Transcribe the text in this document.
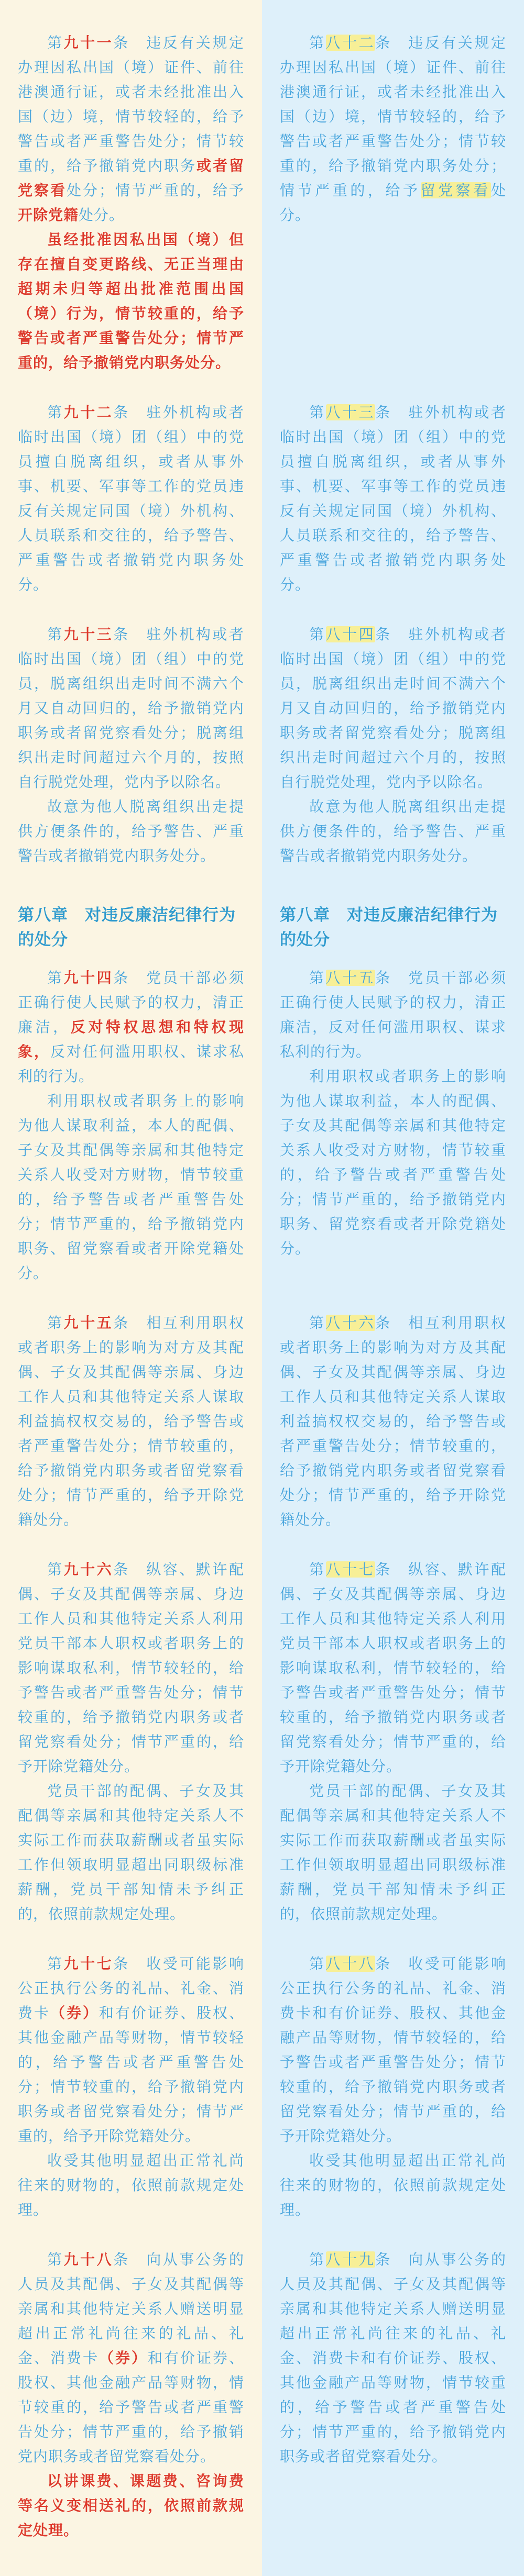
第九十一条　违反有关规定办理因私出国（境）证件、前往港澳通行证，或者未经批准出入国（边）境，情节较轻的，给予警告或者严重警告处分；情节较重的，给予撤销党内职务或者留党察看处分；情节严重的，给予开除党籍处分。

虽经批准因私出国（境）但存在擅自变更路线、无正当理由超期未归等超出批准范围出国（境）行为，情节较重的，给予警告或者严重警告处分；情节严重的，给予撤销党内职务处分。

第八十二条　违反有关规定办理因私出国（境）证件、前往港澳通行证，或者未经批准出入国（边）境，情节较轻的，给予警告或者严重警告处分；情节较重的，给予撤销党内职务处分；情节严重的，给予留党察看处分。

第九十二条　驻外机构或者临时出国（境）团（组）中的党员擅自脱离组织，或者从事外事、机要、军事等工作的党员违反有关规定同国（境）外机构、人员联系和交往的，给予警告、严重警告或者撤销党内职务处分。

第八十三条　驻外机构或者临时出国（境）团（组）中的党员擅自脱离组织，或者从事外事、机要、军事等工作的党员违反有关规定同国（境）外机构、人员联系和交往的，给予警告、严重警告或者撤销党内职务处分。

第九十三条　驻外机构或者临时出国（境）团（组）中的党员，脱离组织出走时间不满六个月又自动回归的，给予撤销党内职务或者留党察看处分；脱离组织出走时间超过六个月的，按照自行脱党处理，党内予以除名。

故意为他人脱离组织出走提供方便条件的，给予警告、严重警告或者撤销党内职务处分。

第八十四条　驻外机构或者临时出国（境）团（组）中的党员，脱离组织出走时间不满六个月又自动回归的，给予撤销党内职务或者留党察看处分；脱离组织出走时间超过六个月的，按照自行脱党处理，党内予以除名。

故意为他人脱离组织出走提供方便条件的，给予警告、严重警告或者撤销党内职务处分。

第八章　对违反廉洁纪律行为的处分

第八章　对违反廉洁纪律行为的处分

第九十四条　党员干部必须正确行使人民赋予的权力，清正廉洁，反对特权思想和特权现象，反对任何滥用职权、谋求私利的行为。

利用职权或者职务上的影响为他人谋取利益，本人的配偶、子女及其配偶等亲属和其他特定关系人收受对方财物，情节较重的，给予警告或者严重警告处分；情节严重的，给予撤销党内职务、留党察看或者开除党籍处分。

第八十五条　党员干部必须正确行使人民赋予的权力，清正廉洁，反对任何滥用职权、谋求私利的行为。

利用职权或者职务上的影响为他人谋取利益，本人的配偶、子女及其配偶等亲属和其他特定关系人收受对方财物，情节较重的，给予警告或者严重警告处分；情节严重的，给予撤销党内职务、留党察看或者开除党籍处分。

第九十五条　相互利用职权或者职务上的影响为对方及其配偶、子女及其配偶等亲属、身边工作人员和其他特定关系人谋取利益搞权权交易的，给予警告或者严重警告处分；情节较重的，给予撤销党内职务或者留党察看处分；情节严重的，给予开除党籍处分。

第八十六条　相互利用职权或者职务上的影响为对方及其配偶、子女及其配偶等亲属、身边工作人员和其他特定关系人谋取利益搞权权交易的，给予警告或者严重警告处分；情节较重的，给予撤销党内职务或者留党察看处分；情节严重的，给予开除党籍处分。

第九十六条　纵容、默许配偶、子女及其配偶等亲属、身边工作人员和其他特定关系人利用党员干部本人职权或者职务上的影响谋取私利，情节较轻的，给予警告或者严重警告处分；情节较重的，给予撤销党内职务或者留党察看处分；情节严重的，给予开除党籍处分。

党员干部的配偶、子女及其配偶等亲属和其他特定关系人不实际工作而获取薪酬或者虽实际工作但领取明显超出同职级标准薪酬，党员干部知情未予纠正的，依照前款规定处理。

第八十七条　纵容、默许配偶、子女及其配偶等亲属、身边工作人员和其他特定关系人利用党员干部本人职权或者职务上的影响谋取私利，情节较轻的，给予警告或者严重警告处分；情节较重的，给予撤销党内职务或者留党察看处分；情节严重的，给予开除党籍处分。

党员干部的配偶、子女及其配偶等亲属和其他特定关系人不实际工作而获取薪酬或者虽实际工作但领取明显超出同职级标准薪酬，党员干部知情未予纠正的，依照前款规定处理。

第九十七条　收受可能影响公正执行公务的礼品、礼金、消费卡（券）和有价证券、股权、其他金融产品等财物，情节较轻的，给予警告或者严重警告处分；情节较重的，给予撤销党内职务或者留党察看处分；情节严重的，给予开除党籍处分。

收受其他明显超出正常礼尚往来的财物的，依照前款规定处理。

第八十八条　收受可能影响公正执行公务的礼品、礼金、消费卡和有价证券、股权、其他金融产品等财物，情节较轻的，给予警告或者严重警告处分；情节较重的，给予撤销党内职务或者留党察看处分；情节严重的，给予开除党籍处分。

收受其他明显超出正常礼尚往来的财物的，依照前款规定处理。

第九十八条　向从事公务的人员及其配偶、子女及其配偶等亲属和其他特定关系人赠送明显超出正常礼尚往来的礼品、礼金、消费卡（券）和有价证券、股权、其他金融产品等财物，情节较重的，给予警告或者严重警告处分；情节严重的，给予撤销党内职务或者留党察看处分。

以讲课费、课题费、咨询费等名义变相送礼的，依照前款规定处理。

第八十九条　向从事公务的人员及其配偶、子女及其配偶等亲属和其他特定关系人赠送明显超出正常礼尚往来的礼品、礼金、消费卡和有价证券、股权、其他金融产品等财物，情节较重的，给予警告或者严重警告处分；情节严重的，给予撤销党内职务或者留党察看处分。
